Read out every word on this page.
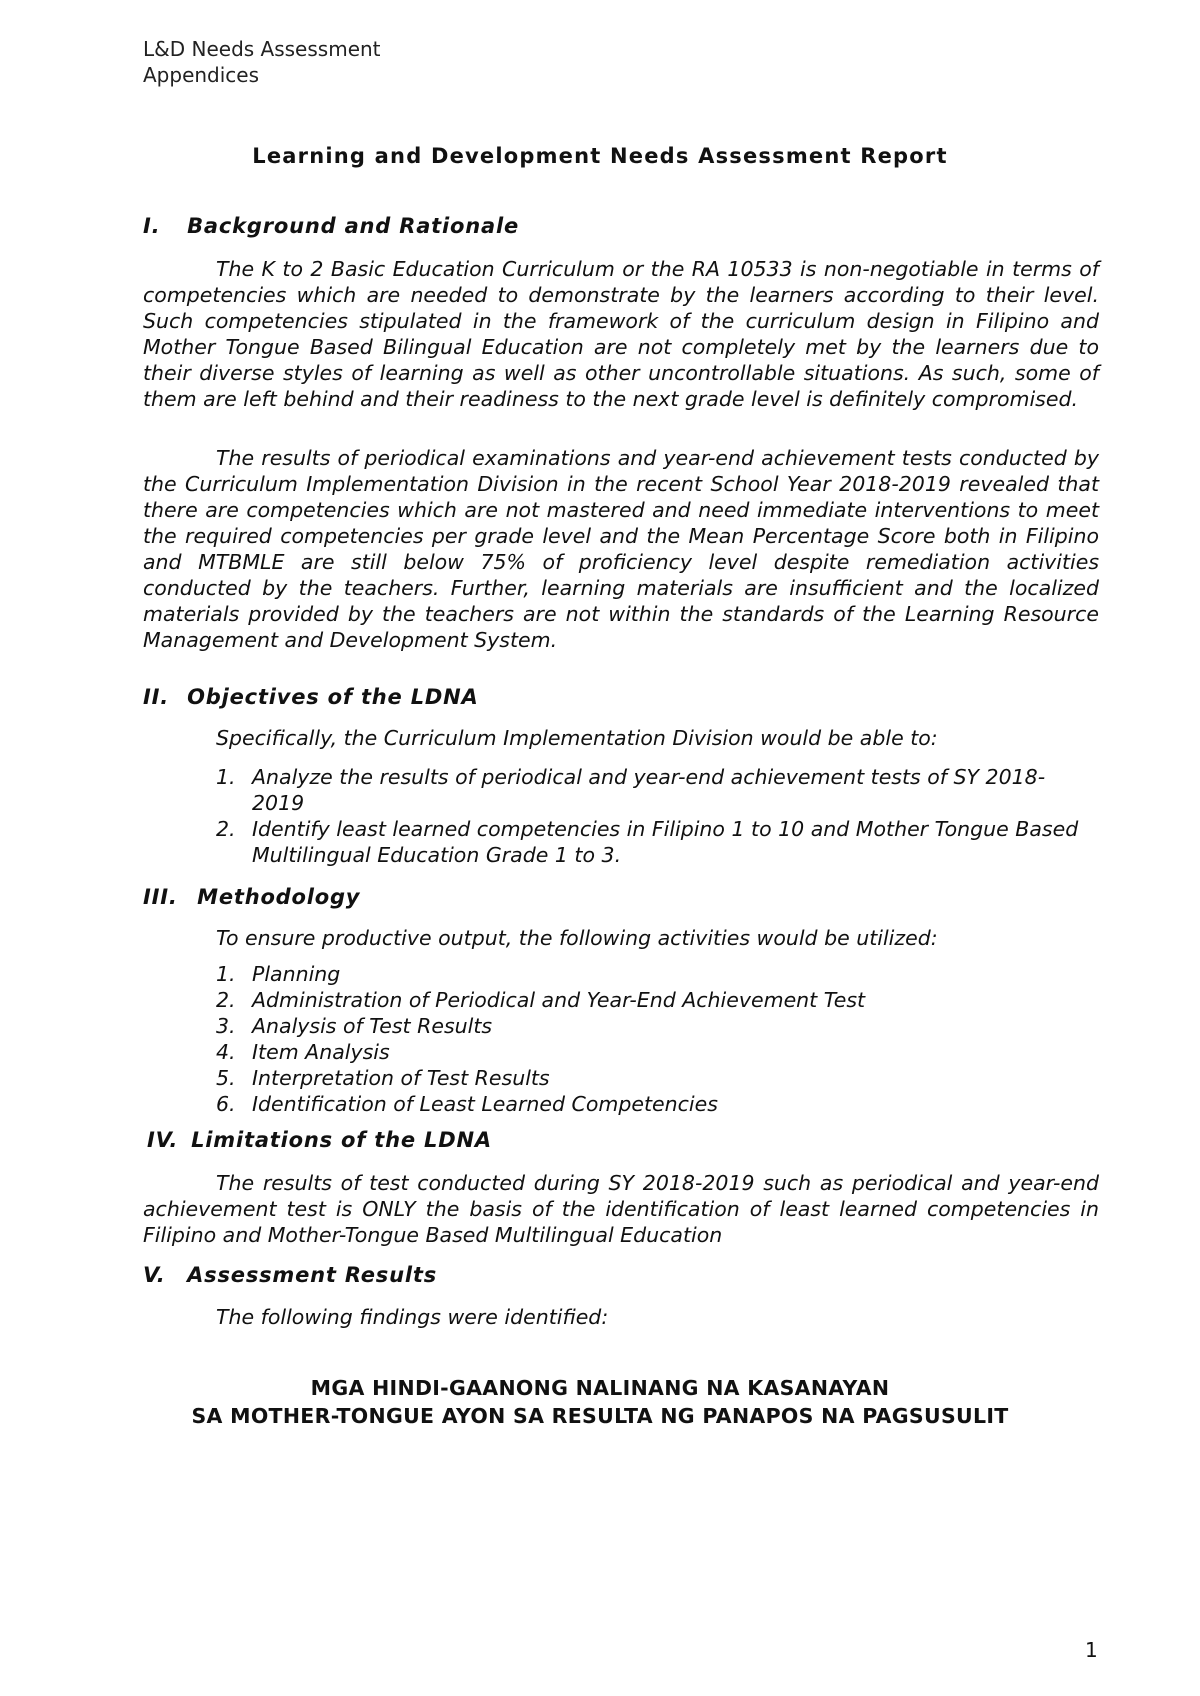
L&D Needs Assessment
Appendices
Learning and Development Needs Assessment Report
I. Background and Rationale

The K to 2 Basic Education Curriculum or the RA 10533 is non-negotiable in terms of competencies which are needed to demonstrate by the learners according to their level. Such competencies stipulated in the framework of the curriculum design in Filipino and Mother Tongue Based Bilingual Education are not completely met by the learners due to their diverse styles of learning as well as other uncontrollable situations. As such, some of them are left behind and their readiness to the next grade level is definitely compromised.

The results of periodical examinations and year-end achievement tests conducted by the Curriculum Implementation Division in the recent School Year 2018-2019 revealed that there are competencies which are not mastered and need immediate interventions to meet the required competencies per grade level and the Mean Percentage Score both in Filipino and MTBMLE are still below 75% of proficiency level despite remediation activities conducted by the teachers. Further, learning materials are insufficient and the localized materials provided by the teachers are not within the standards of the Learning Resource Management and Development System.

II. Objectives of the LDNA
Specifically, the Curriculum Implementation Division would be able to:
1. Analyze the results of periodical and year-end achievement tests of SY 2018-2019
2. Identify least learned competencies in Filipino 1 to 10 and Mother Tongue Based Multilingual Education Grade 1 to 3.
III. Methodology
To ensure productive output, the following activities would be utilized:
1. Planning
2. Administration of Periodical and Year-End Achievement Test
3. Analysis of Test Results
4. Item Analysis
5. Interpretation of Test Results
6. Identification of Least Learned Competencies
IV. Limitations of the LDNA

The results of test conducted during SY 2018-2019 such as periodical and year-end achievement test is ONLY the basis of the identification of least learned competencies in Filipino and Mother-Tongue Based Multilingual Education

V. Assessment Results
The following findings were identified:
MGA HINDI-GAANONG NALINANG NA KASANAYAN
SA MOTHER-TONGUE AYON SA RESULTA NG PANAPOS NA PAGSUSULIT
1
